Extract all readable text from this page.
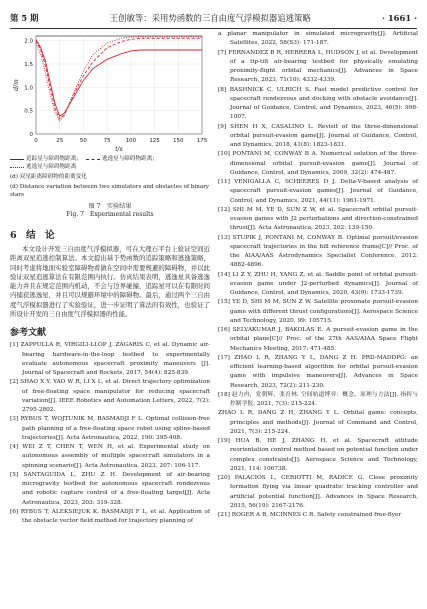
第 5 期	王创敏等：采用势函数的三自由度气浮模拟器追逃策略	· 1661 ·
0	25	50	75	100 125 150 175
0
0.5
1.0
1.5
2.0
t/s
d/m
追踪星与障碍物距离；	逃逸星与障碍物距离；
逃逸星与障碍物距离
(d) 双星距离障碍物的距离变化
(d) Distance variation between two simulators and obstacles of binary stars
图 7　实验结果
Fig. 7　Experimental results
6　结　论

本文设计开发三自由度气浮模拟器，可在大理石平台上验证空间近距离双星追逃控制算法。本文提出基于势函数的追踪策略和逃逸策略，同时考虑将地面实验室障碍物看做在空间中需要规避的障碍物，并以此验证双星追逃算法在有限范围内执行。仿真结果表明，逃逸星具备逃逸能力并且在规定范围内机动，不会与边界碰撞，追踪星可以在有限时间内捕获逃逸星，并且可以规避环境中的障碍物。最后，通过两个三自由度气浮模拟器进行了实验验证，进一步证明了算法的有效性，也验证了所设计开发的三自由度气浮模拟器的性能。

参考文献
[1] ZAPPULLA R, VIRGILI-LLOP J, ZAGARIS C, et al. Dynamic air-bearing hardware-in-the-loop testbed to experimentally evaluate autonomous spacecraft proximity maneuvers [J]. Journal of Spacecraft and Rockets, 2017, 54(4): 825-839.
[2] SHAO X Y, YAO W R, LI X L, et al. Direct trajectory optimization of free-floating space manipulator for reducing spacecraft variation[J]. IEEE Robotics and Automation Letters, 2022, 7(2): 2795-2802.
[3] RYBUS T, WOJTUNIK M, BASMADJI F L. Optimal collision-free path planning of a free-floating space robot using spline-based trajectories[J]. Acta Astronautica, 2022, 190: 395-408.
[4] WEI Z T, CHEN T, WEN H, et al. Experimental study on autonomous assembly of multiple spacecraft simulators in a spinning scenario[J]. Acta Astronautica, 2023, 207: 106-117.
[5] SANTAGUIDA L, ZHU Z H. Development of air-bearing microgravity testbed for autonomous spacecraft rendezvous and robotic capture control of a free-floating target[J]. Acta Astronautica, 2023, 203: 319-328.
[6] RYBUS T, ALEKSIEJUK K, BASMADJI F L, et al. Application of the obstacle vector field method for trajectory planning of
a planar manipulator in simulated microgravity[J]. Artificial Satellites, 2022, 58(S3): 171-187.
[7] FERNANDEZ B R, HERRERA L, HUDSON J, et al. Development of a tip-tilt air-bearing testbed for physically emulating proximity-flight orbital mechanics[J]. Advances in Space Research, 2023, 71(10): 4332-4339.
[8] BASHNICK C, ULRICH S. Fast model predictive control for spacecraft rendezvous and docking with obstacle avoidance[J]. Journal of Guidance, Control, and Dynamics, 2023, 46(5): 998-1007.
[9] SHEN H X, CASALINO L. Revisit of the three-dimensional orbital pursuit-evasion game[J]. Journal of Guidance, Control, and Dynamics, 2018, 41(8): 1823-1831.
[10] PONTANI M, CONWAY B A. Numerical solution of the three-dimensional orbital pursuit-evasion game[J]. Journal of Guidance, Control, and Dynamics, 2009, 32(2): 474-487.
[11] VENIGALLA C, SCHEERES D J. Delta-V-based analysis of spacecraft pursuit-evasion games[J]. Journal of Guidance, Control, and Dynamics, 2021, 44(11): 1961-1971.
[12] SHI M M, YE D, SUN Z W, et al. Spacecraft orbital pursuit-evasion games with J2 perturbations and direction-constrained thrust[J]. Acta Astronautica, 2023, 202: 139-150.
[13] STUPIK J, PONTANI M, CONWAY B. Optimal pursuit/evasion spacecraft trajectories in the hill reference frame[C]// Proc. of the AIAA/AAS Astrodynamics Specialist Conference, 2012: 4882-4896.
[14] LI Z Y, ZHU H, YANG Z, et al. Saddle point of orbital pursuit-evasion game under J2-perturbed dynamics[J]. Journal of Guidance, Control, and Dynamics, 2020, 43(9): 1733-1739.
[15] YE D, SHI M M, SUN Z W. Satellite proximate pursuit-evasion game with different thrust configurations[J]. Aerospace Science and Technology, 2020, 99: 105715.
[16] SELVAKUMAR J, BAKOLAS E. A pursuit-evasion game in the orbital plane[C]// Proc. of the 27th AAS/AIAA Space Flight Mechanics Meeting, 2017: 471-485.
[17] ZHAO L R, ZHANG Y L, DANG Z H. PRD-MADDPG: an efficient learning-based algorithm for orbital pursuit-evasion game with impulsive maneuvers[J]. Advances in Space Research, 2023, 72(2): 211-230.
[18] 赵力冉，党朝辉，张育林. 空间轨道博弈：概念、原理与方法[J]. 指挥与控制学报, 2021, 7(3): 215-224.
ZHAO L R, DANG Z H, ZHANG Y L. Orbital game: concepts, principles and methods[J]. Journal of Command and Control, 2021, 7(3): 215-224.
[19] HUA B, HE J, ZHANG H, et al. Spacecraft attitude reorientation control method based on potential function under complex constraints[J]. Aerospace Science and Technology, 2021, 114: 106738.
[20] PALACIOS L, CERIOTTI M, RADICE G. Close proximity formation flying via linear quadratic tracking controller and artificial potential function[J]. Advances in Space Research, 2015, 56(10): 2167-2176.
[21] ROGER A B, MCINNES C R. Safety constrained free-flyer
